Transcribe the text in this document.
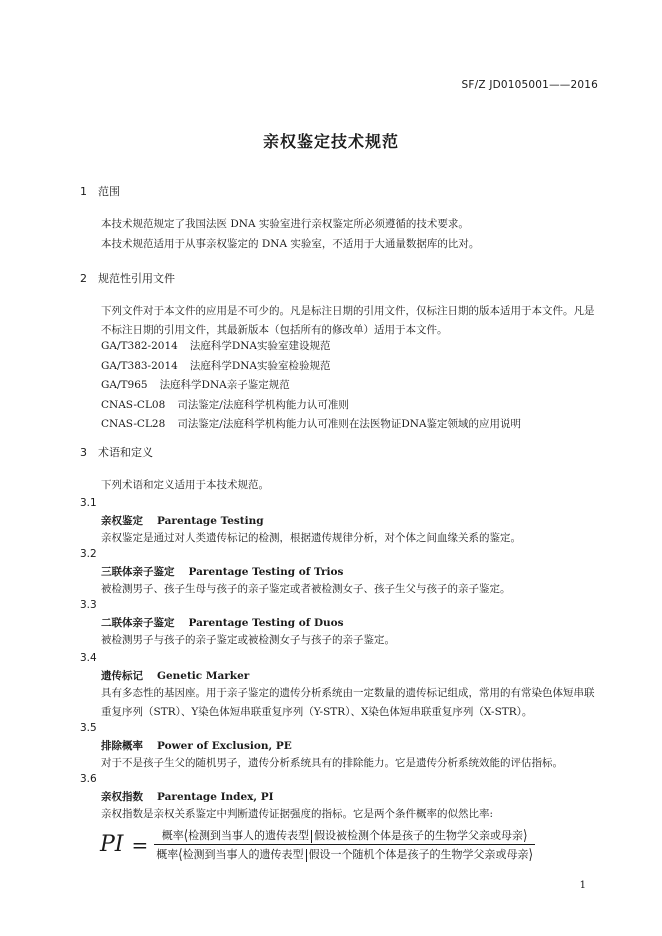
SF/Z JD0105001——2016
亲权鉴定技术规范
1 范围
本技术规范规定了我国法医 DNA 实验室进行亲权鉴定所必须遵循的技术要求。
本技术规范适用于从事亲权鉴定的 DNA 实验室，不适用于大通量数据库的比对。
2 规范性引用文件
下列文件对于本文件的应用是不可少的。凡是标注日期的引用文件，仅标注日期的版本适用于本文件。凡是不标注日期的引用文件，其最新版本（包括所有的修改单）适用于本文件。
GA/T382-2014 法庭科学DNA实验室建设规范
GA/T383-2014 法庭科学DNA实验室检验规范
GA/T965 法庭科学DNA亲子鉴定规范
CNAS-CL08 司法鉴定/法庭科学机构能力认可准则
CNAS-CL28 司法鉴定/法庭科学机构能力认可准则在法医物证DNA鉴定领域的应用说明
3 术语和定义
下列术语和定义适用于本技术规范。
3.1
亲权鉴定 Parentage Testing
亲权鉴定是通过对人类遗传标记的检测，根据遗传规律分析，对个体之间血缘关系的鉴定。
3.2
三联体亲子鉴定 Parentage Testing of Trios
被检测男子、孩子生母与孩子的亲子鉴定或者被检测女子、孩子生父与孩子的亲子鉴定。
3.3
二联体亲子鉴定 Parentage Testing of Duos
被检测男子与孩子的亲子鉴定或被检测女子与孩子的亲子鉴定。
3.4
遗传标记 Genetic Marker
具有多态性的基因座。用于亲子鉴定的遗传分析系统由一定数量的遗传标记组成，常用的有常染色体短串联重复序列（STR）、Y染色体短串联重复序列（Y-STR）、X染色体短串联重复序列（X-STR）。
3.5
排除概率 Power of Exclusion, PE
对于不是孩子生父的随机男子，遗传分析系统具有的排除能力。它是遗传分析系统效能的评估指标。
3.6
亲权指数 Parentage Index, PI
亲权指数是亲权关系鉴定中判断遗传证据强度的指标。它是两个条件概率的似然比率:
PI = $\frac{\text{概率⟨检测到当事人的遗传表型 假设被检测个体是孩子的生物学父亲或母亲⟩}}{\text{概率⟨检测到当事人的遗传表型 假设一个随机个体是孩子的生物学父亲或母亲⟩}}$
1
